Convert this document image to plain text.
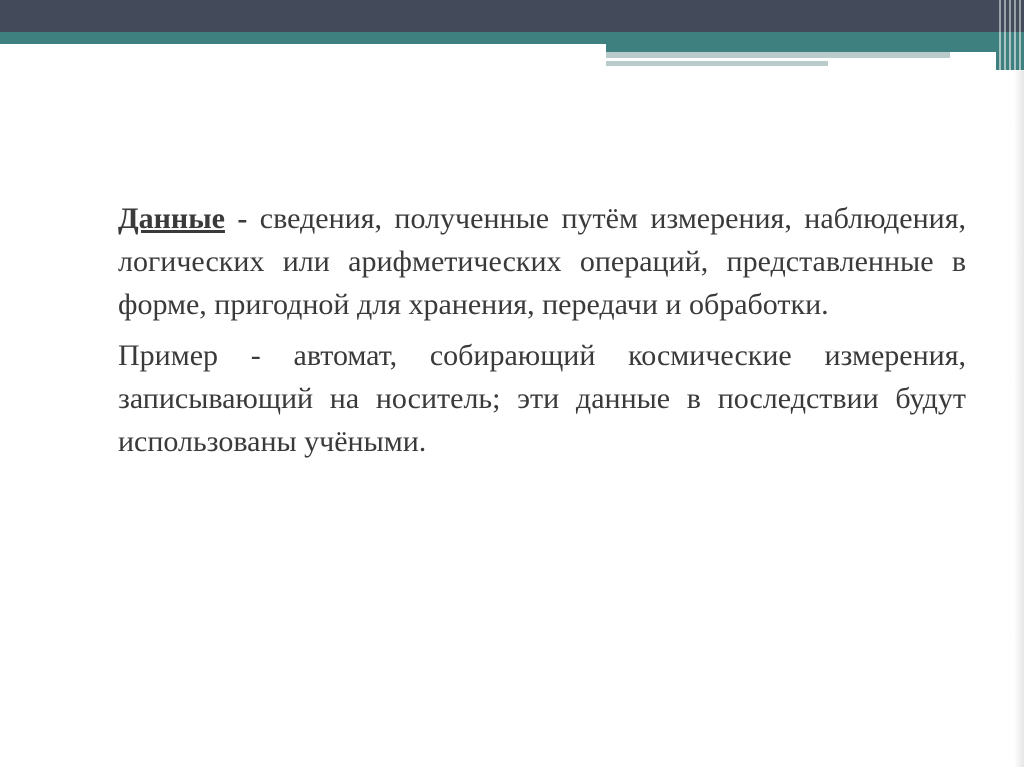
Данные - сведения, полученные путём измерения, наблюдения, логических или арифметических операций, представленные в форме, пригодной для хранения, передачи и обработки.

Пример - автомат, собирающий космические измерения, записывающий на носитель; эти данные в последствии будут использованы учёными.
